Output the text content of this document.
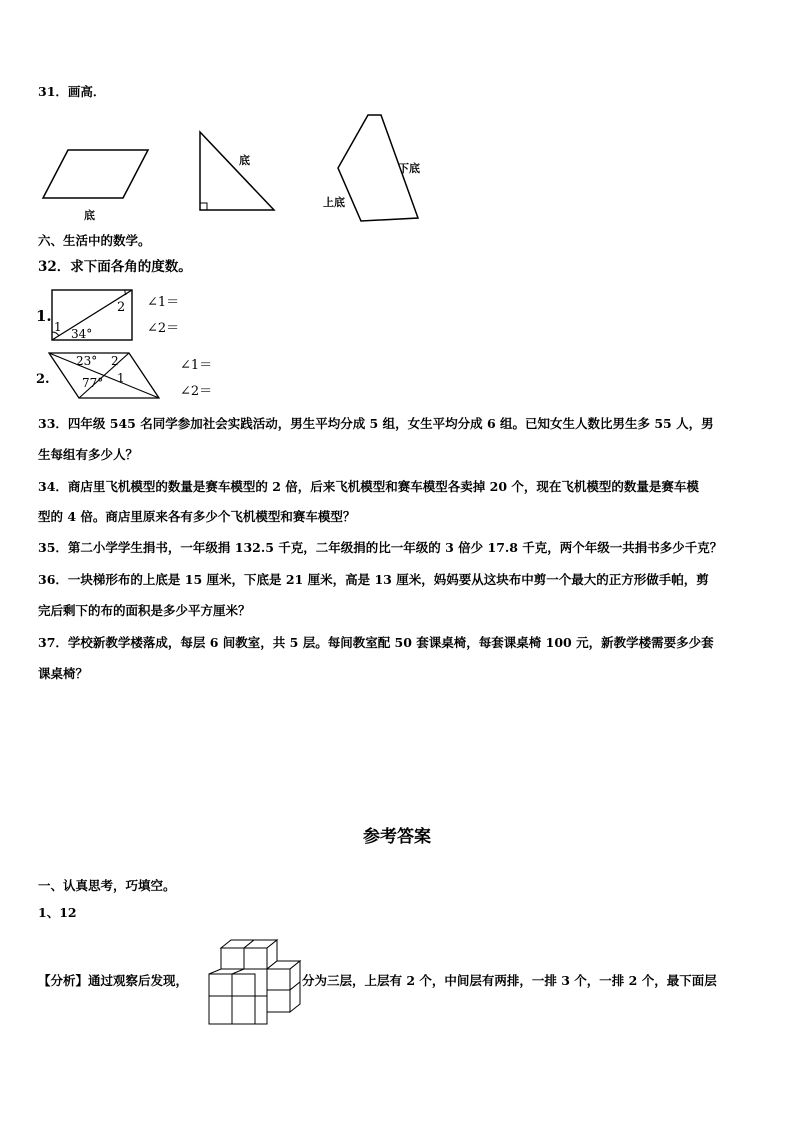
31．画高．
底
底
下底
上底
六、生活中的数学。
32．求下面各角的度数。
1.
1
2
34°
∠1＝
∠2＝
2.
23° 2
77° 1
∠1＝
∠2＝
33．四年级 545 名同学参加社会实践活动，男生平均分成 5 组，女生平均分成 6 组。已知女生人数比男生多 55 人，男
生每组有多少人？
34．商店里飞机模型的数量是赛车模型的 2 倍，后来飞机模型和赛车模型各卖掉 20 个，现在飞机模型的数量是赛车模
型的 4 倍。商店里原来各有多少个飞机模型和赛车模型？
35．第二小学学生捐书，一年级捐 132.5 千克，二年级捐的比一年级的 3 倍少 17.8 千克，两个年级一共捐书多少千克？
36．一块梯形布的上底是 15 厘米，下底是 21 厘米，高是 13 厘米，妈妈要从这块布中剪一个最大的正方形做手帕，剪
完后剩下的布的面积是多少平方厘米？
37．学校新教学楼落成，每层 6 间教室，共 5 层。每间教室配 50 套课桌椅，每套课桌椅 100 元，新教学楼需要多少套
课桌椅？
参考答案
一、认真思考，巧填空。
1、12
【分析】通过观察后发现，	分为三层，上层有 2 个，中间层有两排，一排 3 个，一排 2 个，最下面层
